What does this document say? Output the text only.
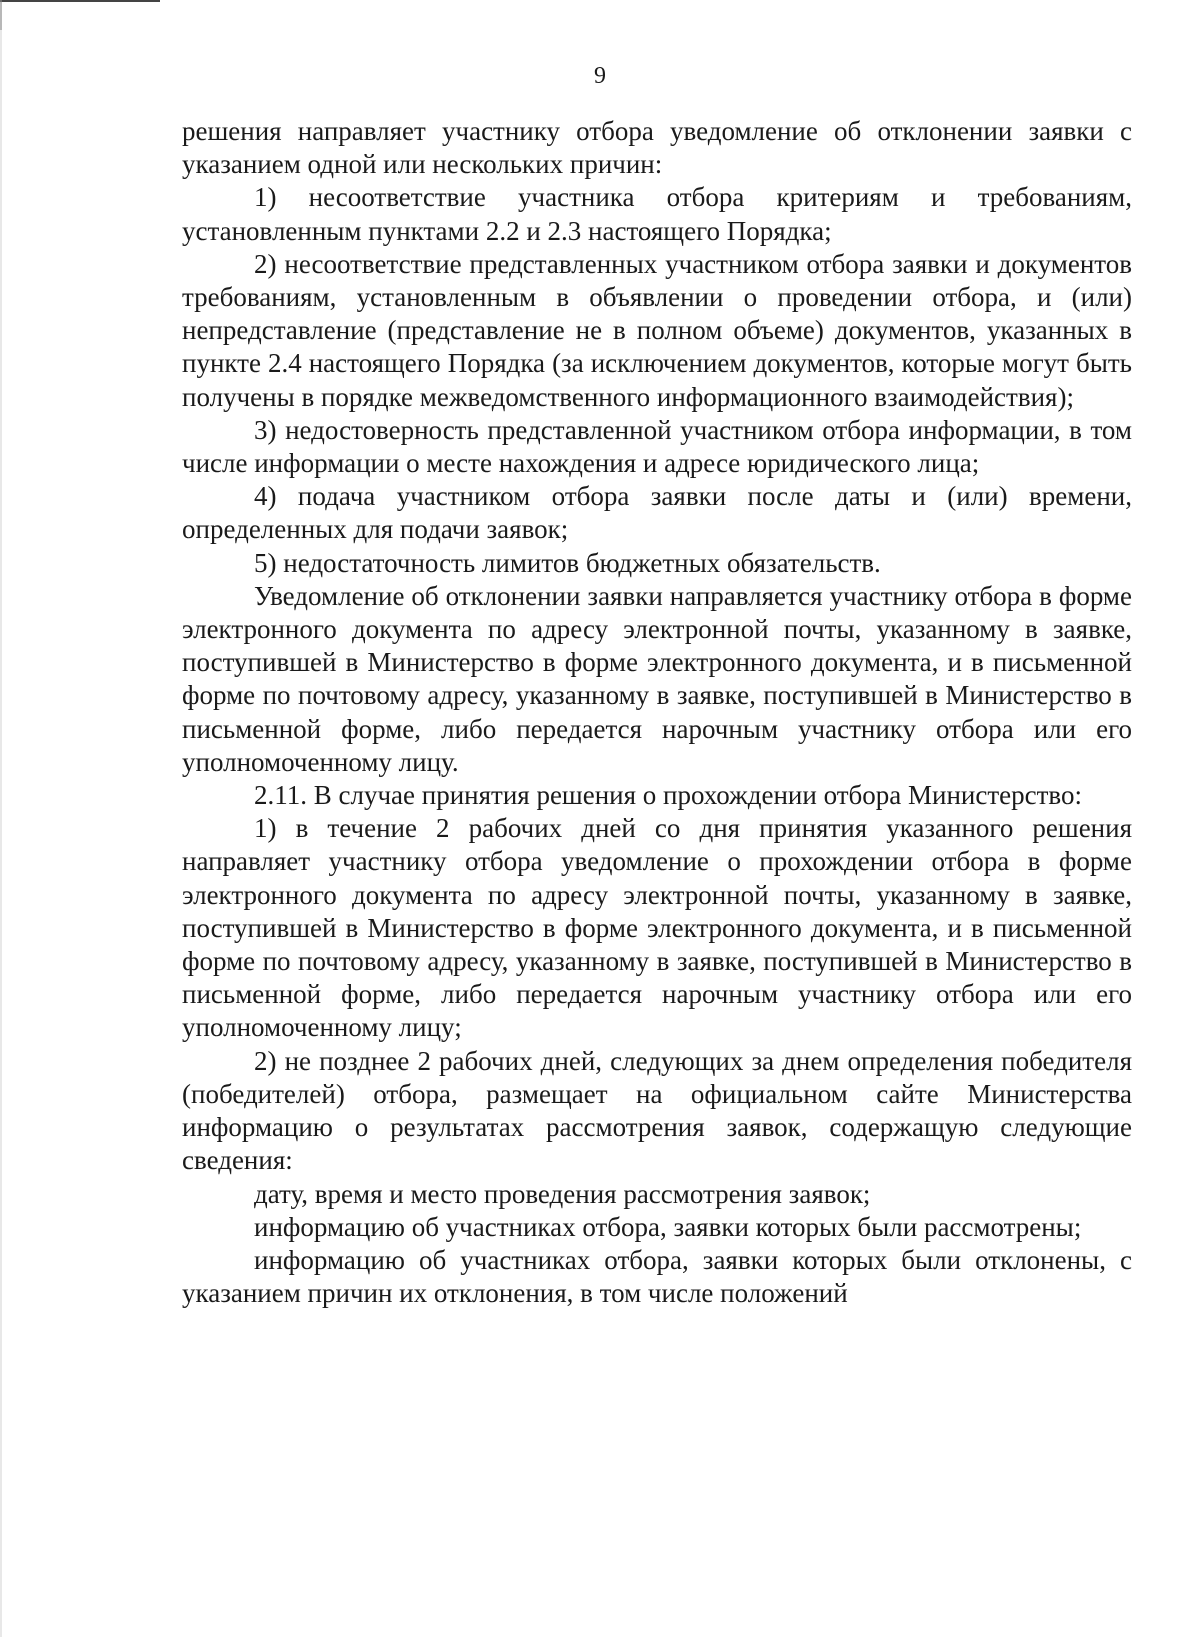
9

решения направляет участнику отбора уведомление об отклонении заявки с указанием одной или нескольких причин:

1) несоответствие участника отбора критериям и требованиям, установленным пунктами 2.2 и 2.3 настоящего Порядка;

2) несоответствие представленных участником отбора заявки и документов требованиям, установленным в объявлении о проведении отбора, и (или) непредставление (представление не в полном объеме) документов, указанных в пункте 2.4 настоящего Порядка (за исключением документов, которые могут быть получены в порядке межведомственного информационного взаимодействия);

3) недостоверность представленной участником отбора информации, в том числе информации о месте нахождения и адресе юридического лица;

4) подача участником отбора заявки после даты и (или) времени, определенных для подачи заявок;

5) недостаточность лимитов бюджетных обязательств.

Уведомление об отклонении заявки направляется участнику отбора в форме электронного документа по адресу электронной почты, указанному в заявке, поступившей в Министерство в форме электронного документа, и в письменной форме по почтовому адресу, указанному в заявке, поступившей в Министерство в письменной форме, либо передается нарочным участнику отбора или его уполномоченному лицу.

2.11. В случае принятия решения о прохождении отбора Министерство:

1) в течение 2 рабочих дней со дня принятия указанного решения направляет участнику отбора уведомление о прохождении отбора в форме электронного документа по адресу электронной почты, указанному в заявке, поступившей в Министерство в форме электронного документа, и в письменной форме по почтовому адресу, указанному в заявке, поступившей в Министерство в письменной форме, либо передается нарочным участнику отбора или его уполномоченному лицу;

2) не позднее 2 рабочих дней, следующих за днем определения победителя (победителей) отбора, размещает на официальном сайте Министерства информацию о результатах рассмотрения заявок, содержащую следующие сведения:

дату, время и место проведения рассмотрения заявок;

информацию об участниках отбора, заявки которых были рассмотрены;

информацию об участниках отбора, заявки которых были отклонены, с указанием причин их отклонения, в том числе положений
